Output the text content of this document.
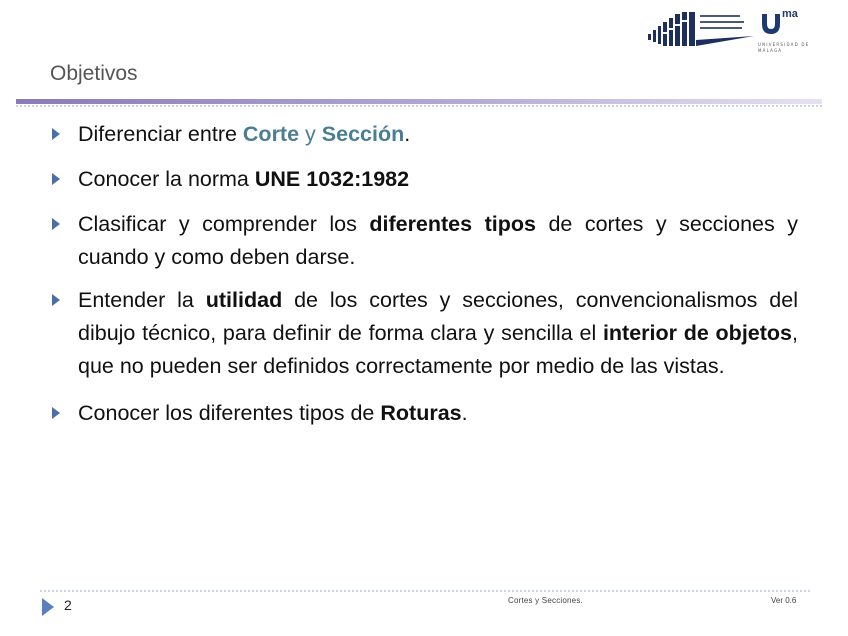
ma
UNIVERSIDAD DE MÁLAGA
Objetivos
Diferenciar entre Corte y Sección.
Conocer la norma UNE 1032:1982
Clasificar y comprender los diferentes tipos de cortes y secciones y cuando y como deben darse.
Entender la utilidad de los cortes y secciones, convencionalismos del dibujo técnico, para definir de forma clara y sencilla el interior de objetos, que no pueden ser definidos correctamente por medio de las vistas.
Conocer los diferentes tipos de Roturas.
2	Cortes y Secciones.	Ver 0.6
